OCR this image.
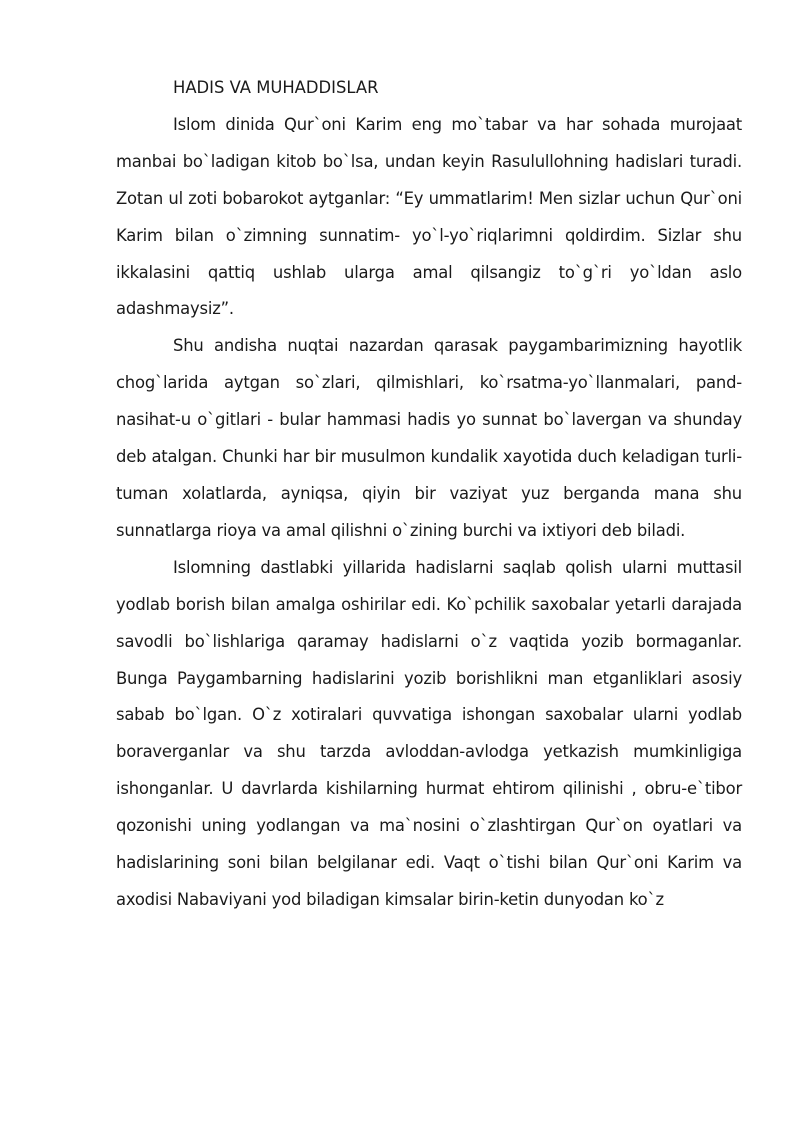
HADIS VA MUHADDISLAR

Islom dinida Qur`oni Karim eng mo`tabar va har sohada murojaat manbai bo`ladigan kitob bo`lsa, undan keyin Rasulullohning hadislari turadi. Zotan ul zoti bobarokot aytganlar: “Ey ummatlarim! Men sizlar uchun Qur`oni Karim bilan o`zimning sunnatim- yo`l-yo`riqlarimni qoldirdim. Sizlar shu ikkalasini qattiq ushlab ularga amal qilsangiz to`g`ri yo`ldan aslo adashmaysiz”.

Shu andisha nuqtai nazardan qarasak paygambarimizning hayotlik chog`larida aytgan so`zlari, qilmishlari, ko`rsatma-yo`llanmalari, pand-nasihat-u o`gitlari - bular hammasi hadis yo sunnat bo`lavergan va shunday deb atalgan. Chunki har bir musulmon kundalik xayotida duch keladigan turli-tuman xolatlarda, ayniqsa, qiyin bir vaziyat yuz berganda mana shu sunnatlarga rioya va amal qilishni o`zining burchi va ixtiyori deb biladi.

Islomning dastlabki yillarida hadislarni saqlab qolish ularni muttasil yodlab borish bilan amalga oshirilar edi. Ko`pchilik saxobalar yetarli darajada savodli bo`lishlariga qaramay hadislarni o`z vaqtida yozib bormaganlar. Bunga Paygambarning hadislarini yozib borishlikni man etganliklari asosiy sabab bo`lgan. O`z xotiralari quvvatiga ishongan saxobalar ularni yodlab boraverganlar va shu tarzda avloddan-avlodga yetkazish mumkinligiga ishonganlar. U davrlarda kishilarning hurmat ehtirom qilinishi , obru-e`tibor qozonishi uning yodlangan va ma`nosini o`zlashtirgan Qur`on oyatlari va hadislarining soni bilan belgilanar edi. Vaqt o`tishi bilan Qur`oni Karim va axodisi Nabaviyani yod biladigan kimsalar birin-ketin dunyodan ko`z
